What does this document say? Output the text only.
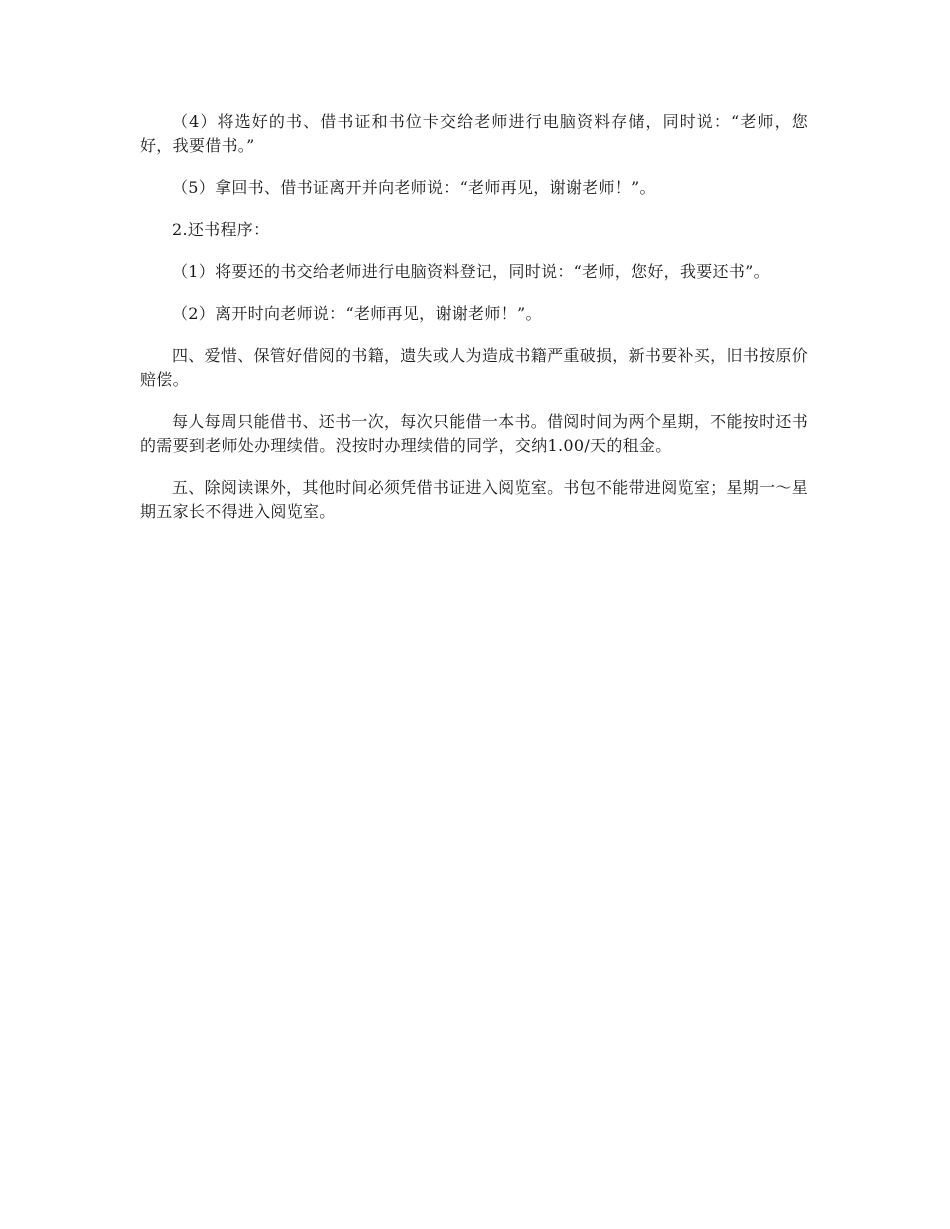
（4）将选好的书、借书证和书位卡交给老师进行电脑资料存储，同时说：“老师，您好，我要借书。”

（5）拿回书、借书证离开并向老师说：“老师再见，谢谢老师！”。

2.还书程序：

（1）将要还的书交给老师进行电脑资料登记，同时说：“老师，您好，我要还书”。

（2）离开时向老师说：“老师再见，谢谢老师！”。

四、爱惜、保管好借阅的书籍，遗失或人为造成书籍严重破损，新书要补买，旧书按原价赔偿。

每人每周只能借书、还书一次，每次只能借一本书。借阅时间为两个星期，不能按时还书的需要到老师处办理续借。没按时办理续借的同学，交纳1.00/天的租金。

五、除阅读课外，其他时间必须凭借书证进入阅览室。书包不能带进阅览室；星期一～星期五家长不得进入阅览室。
